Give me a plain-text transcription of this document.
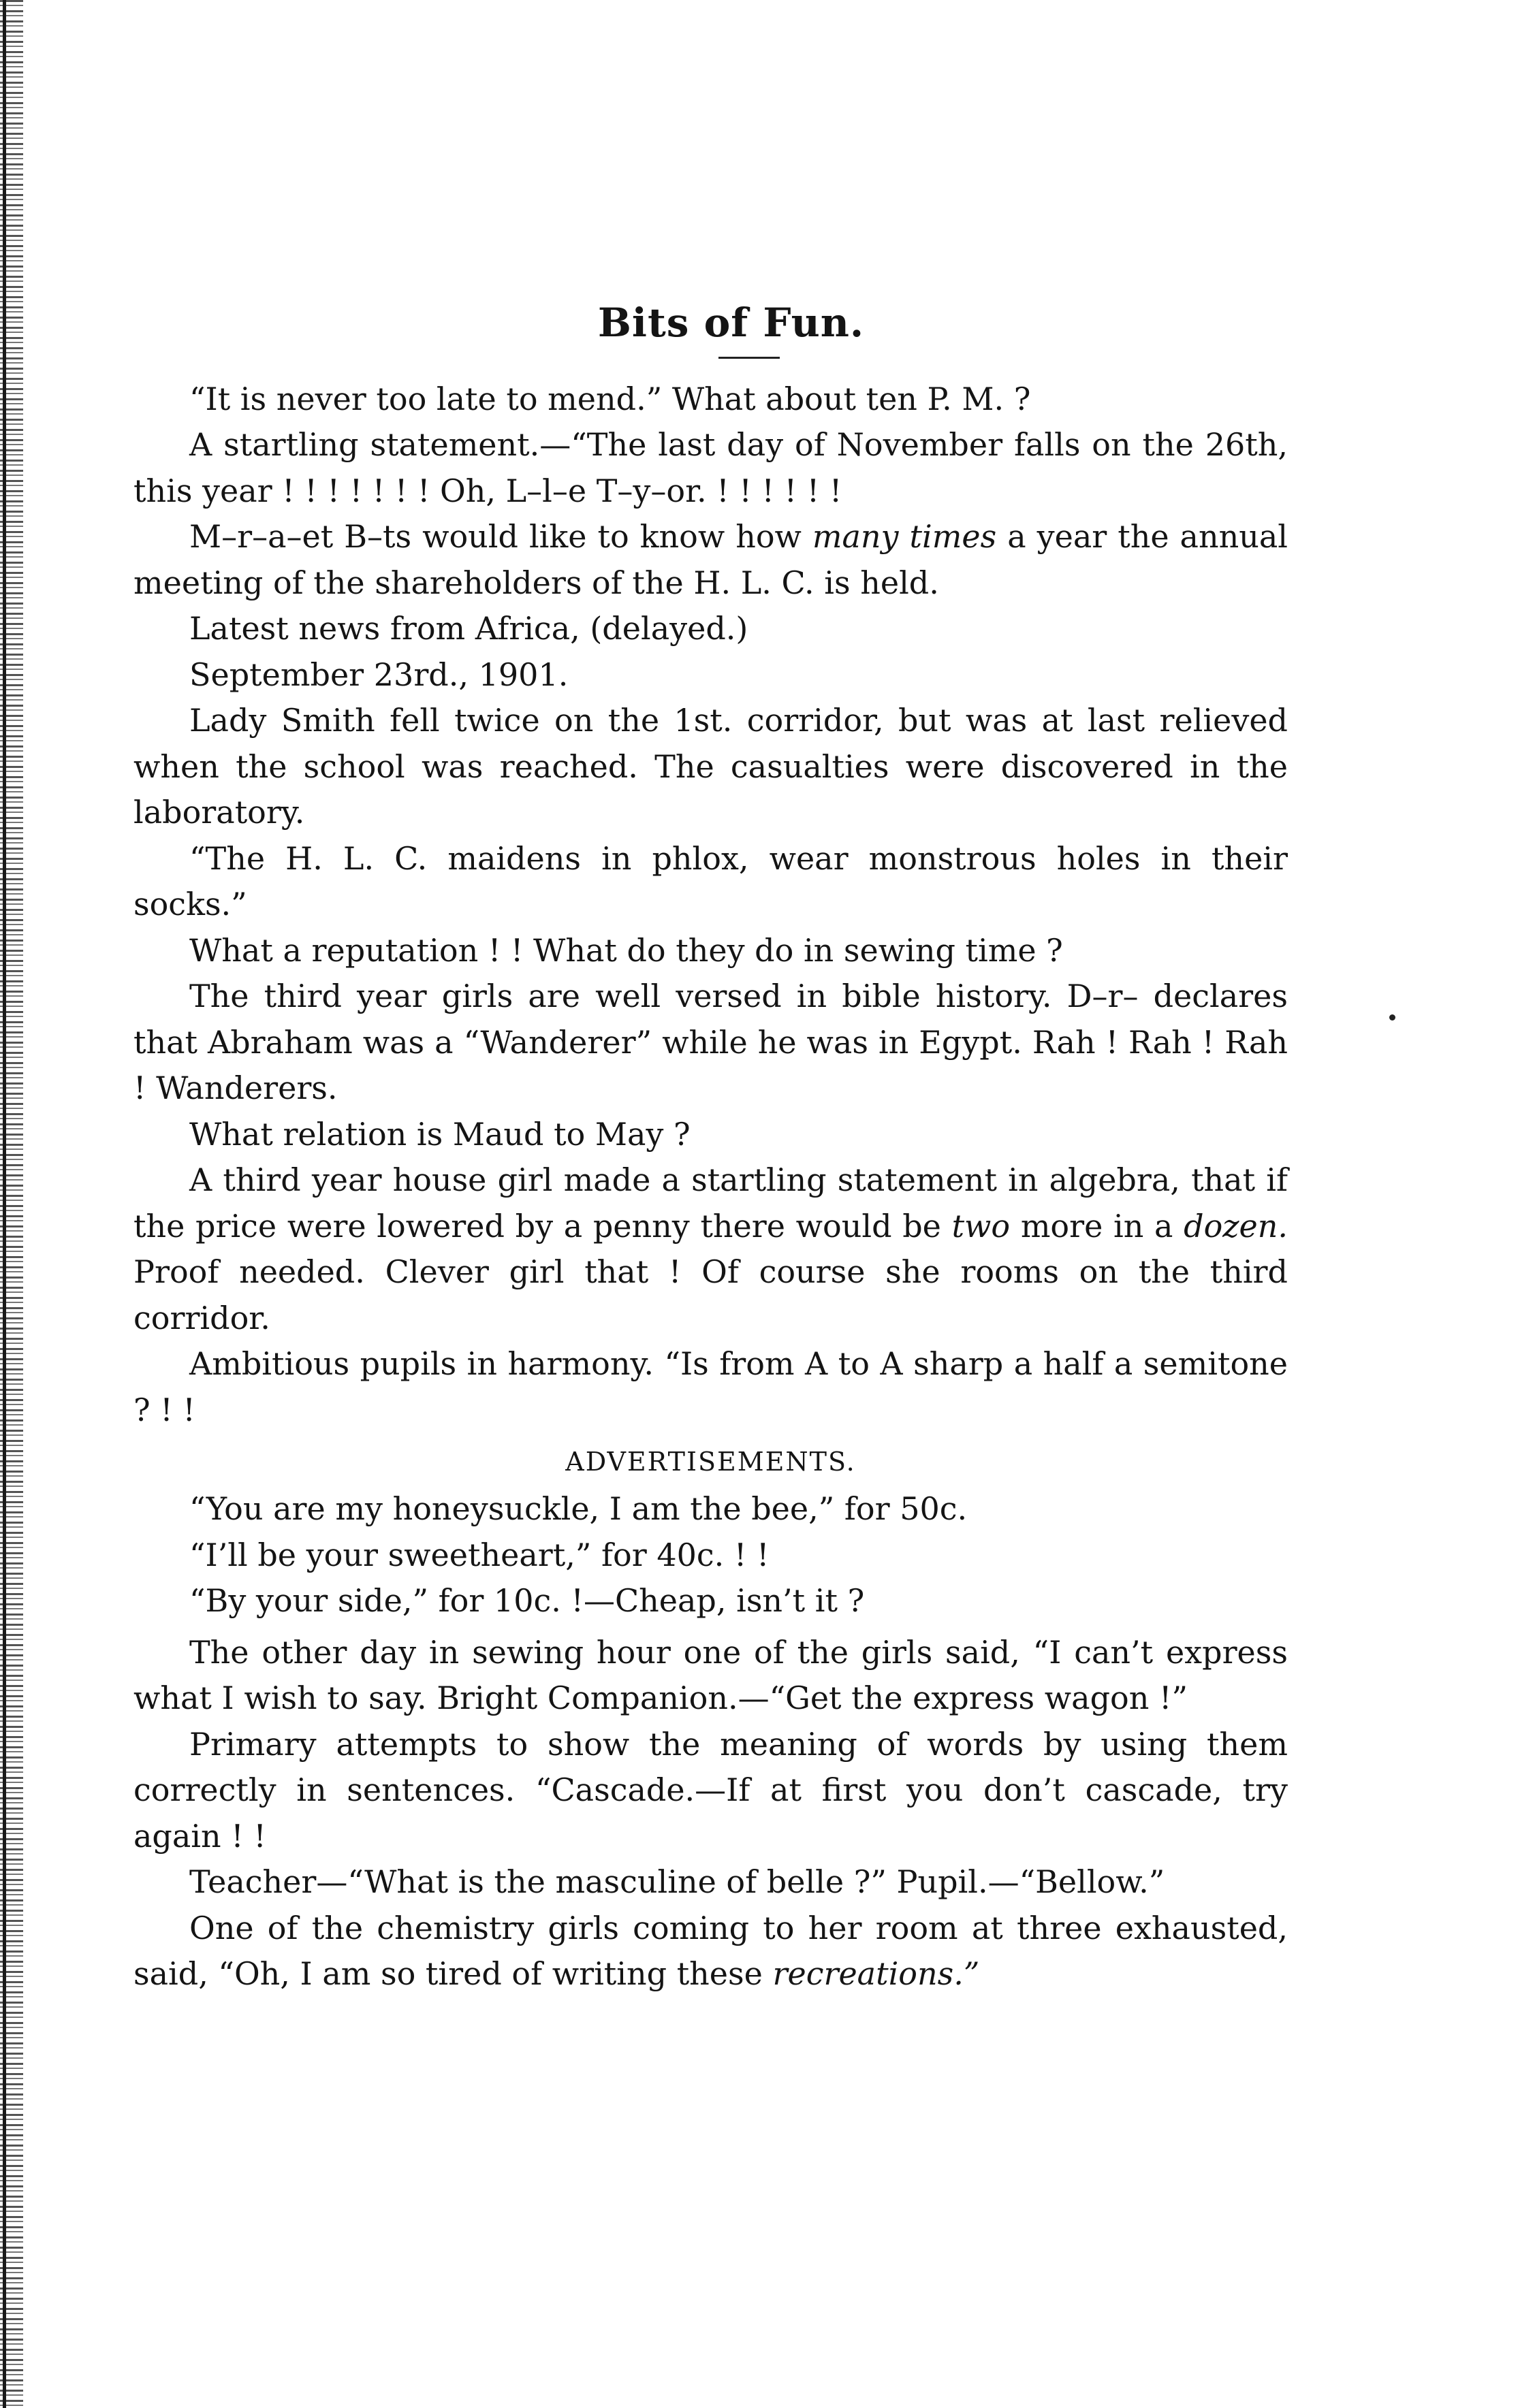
Bits of Fun.

“It is never too late to mend.” What about ten P. M. ?

A startling statement.—“The last day of November falls on the 26th, this year ! ! ! ! ! ! ! Oh, L–l–e T–y–or. ! ! ! ! ! !

M–r–a–et B–ts would like to know how many times a year the annual meeting of the shareholders of the H. L. C. is held.

Latest news from Africa, (delayed.)

September 23rd., 1901.

Lady Smith fell twice on the 1st. corridor, but was at last relieved when the school was reached. The casualties were discovered in the laboratory.

“The H. L. C. maidens in phlox, wear monstrous holes in their socks.”

What a reputation ! ! What do they do in sewing time ?

The third year girls are well versed in bible history. D–r– declares that Abraham was a “Wanderer” while he was in Egypt. Rah ! Rah ! Rah ! Wanderers.

What relation is Maud to May ?

A third year house girl made a startling statement in algebra, that if the price were lowered by a penny there would be two more in a dozen. Proof needed. Clever girl that ! Of course she rooms on the third corridor.

Ambitious pupils in harmony. “Is from A to A sharp a half a semitone ? ! !

ADVERTISEMENTS.

“You are my honeysuckle, I am the bee,” for 50c.

“I’ll be your sweetheart,” for 40c. ! !

“By your side,” for 10c. !—Cheap, isn’t it ?

The other day in sewing hour one of the girls said, “I can’t express what I wish to say. Bright Companion.—“Get the express wagon !”

Primary attempts to show the meaning of words by using them correctly in sentences. “Cascade.—If at first you don’t cascade, try again ! !

Teacher—“What is the masculine of belle ?” Pupil.—“Bellow.”

One of the chemistry girls coming to her room at three exhausted, said, “Oh, I am so tired of writing these recreations.”
